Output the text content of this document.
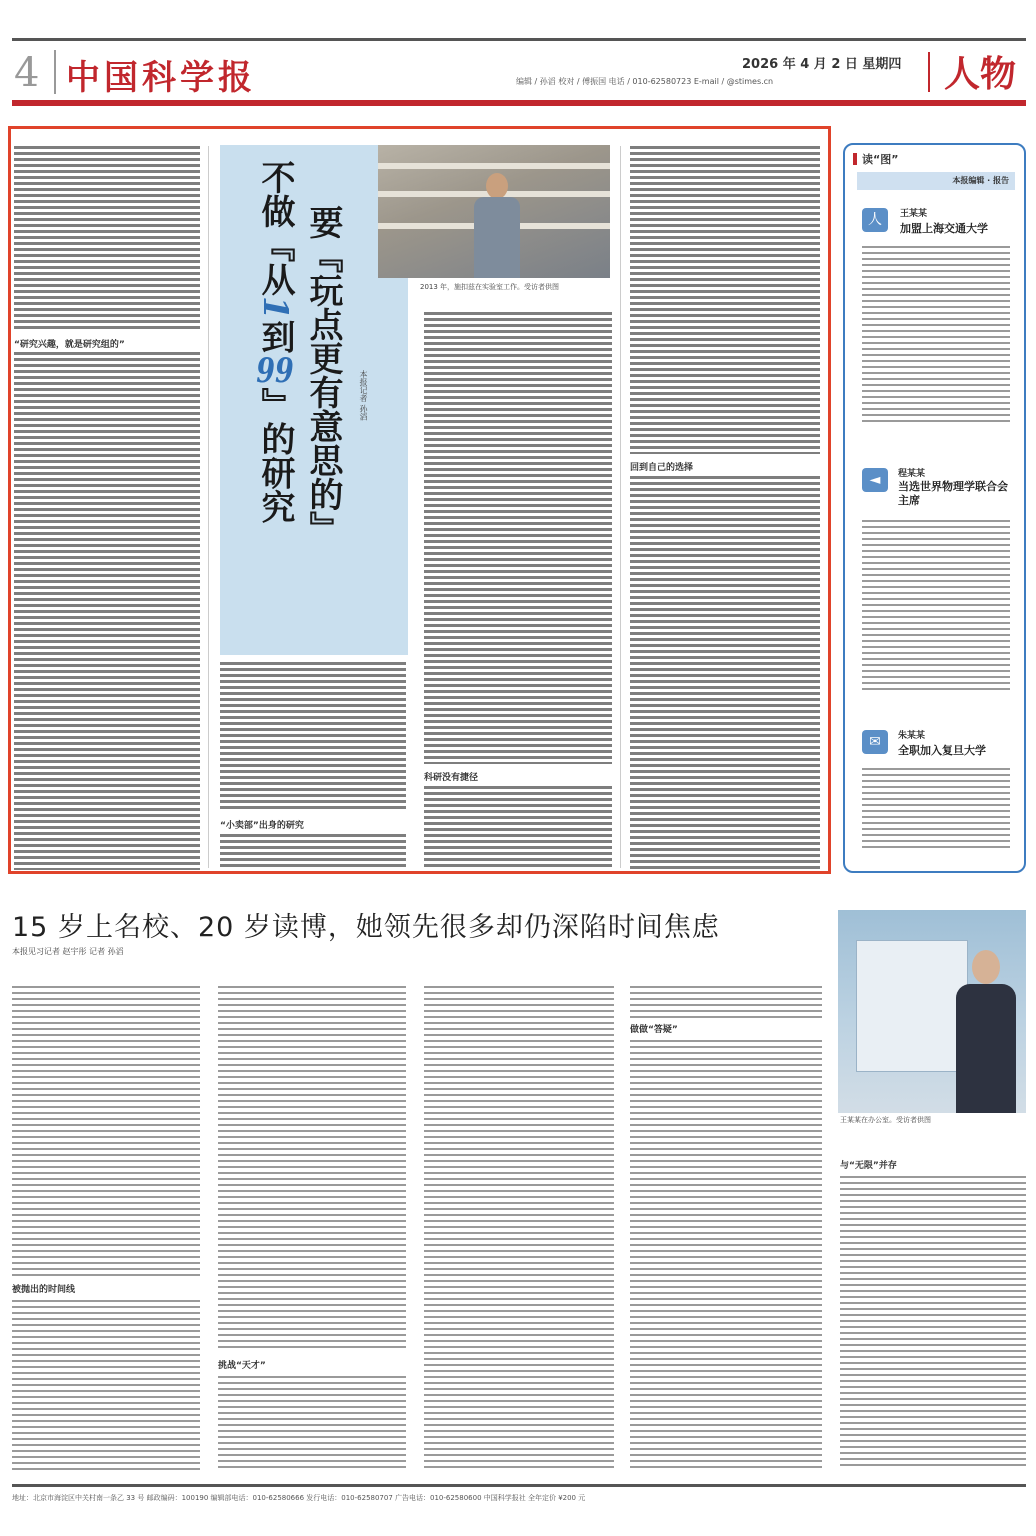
4 中国科学报	2026 年 4 月 2 日 星期四
编辑 / 孙滔 校对 / 傅振国 电话 / 010-62580723 E-mail / @stimes.cn	人物
“研究兴趣，就是研究组的”
2013 年，施扣兹在实验室工作。受访者供图
要『玩点更有意思的』
不做『从1到99』的研究	本报记者 孙滔
“小卖部”出身的研究
科研没有捷径
回到自己的选择
读“图”
本报编辑 · 报告
人	王某某
加盟上海交通大学
◄	程某某
当选世界物理学联合会主席
✉	朱某某
全职加入复旦大学
15 岁上名校、20 岁读博，她领先很多却仍深陷时间焦虑
本报见习记者 赵宇彤 记者 孙滔
被抛出的时间线
挑战“天才”
做做“答疑”
王某某在办公室。受访者供图
与“无限”并存
地址：北京市海淀区中关村南一条乙 33 号 邮政编码：100190 编辑部电话：010-62580666 发行电话：010-62580707 广告电话：010-62580600 中国科学报社 全年定价 ¥200 元
